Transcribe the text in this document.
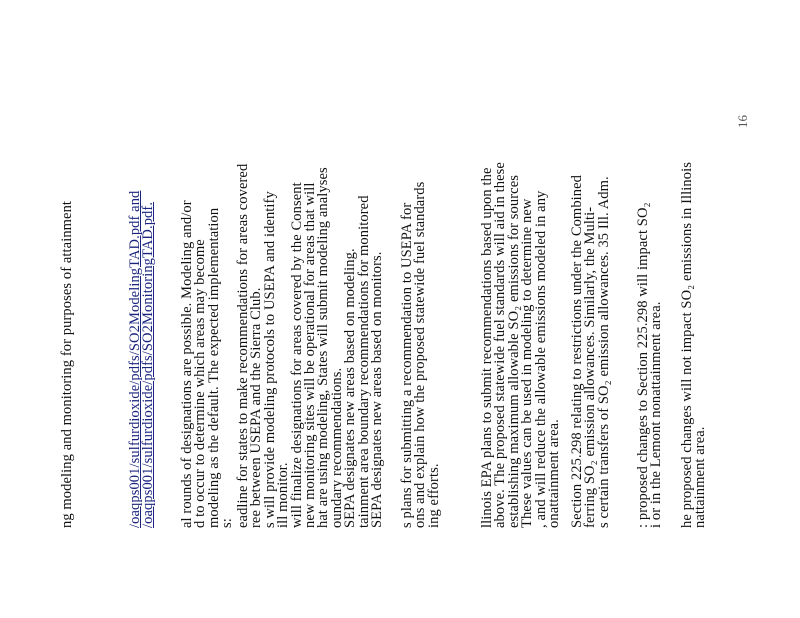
ng modeling and monitoring for purposes of attainment	/oaqps001/sulfurdioxide/pdfs/SO2ModelingTAD.pdf and
/oaqps001/sulfurdioxide/pdfs/SO2MonitoringTAD.pdf. al rounds of designations are possible. Modeling and/or
d to occur to determine which areas may become
modeling as the default. The expected implementation
s: eadline for states to make recommendations for areas covered
ree between USEPA and the Sierra Club.
s will provide modeling protocols to USEPA and identify
ill monitor.
will finalize designations for areas covered by the Consent
new monitoring sites will be operational for areas that will
hat are using modeling, States will submit modeling analyses
oundary recommendations.
SEPA designates new areas based on modeling.
tainment area boundary recommendations for monitored
SEPA designates new areas based on monitors. s plans for submitting a recommendation to USEPA for
ons and explain how the proposed statewide fuel standards
ing efforts.	llinois EPA plans to submit recommendations based upon the
above. The proposed statewide fuel standards will aid in these
establishing maximum allowable SO₂ emissions for sources
These values can be used in modeling to determine new
, and will reduce the allowable emissions modeled in any
onattainment area. Section 225.298 relating to restrictions under the Combined
ferring SO₂ emission allowances. Similarly, the Multi-
s certain transfers of SO₂ emission allowances. 35 Ill. Adm. : proposed changes to Section 225.298 will impact SO₂
i or in the Lemont nonattainment area. he proposed changes will not impact SO₂ emissions in Illinois
nattainment area.
16
